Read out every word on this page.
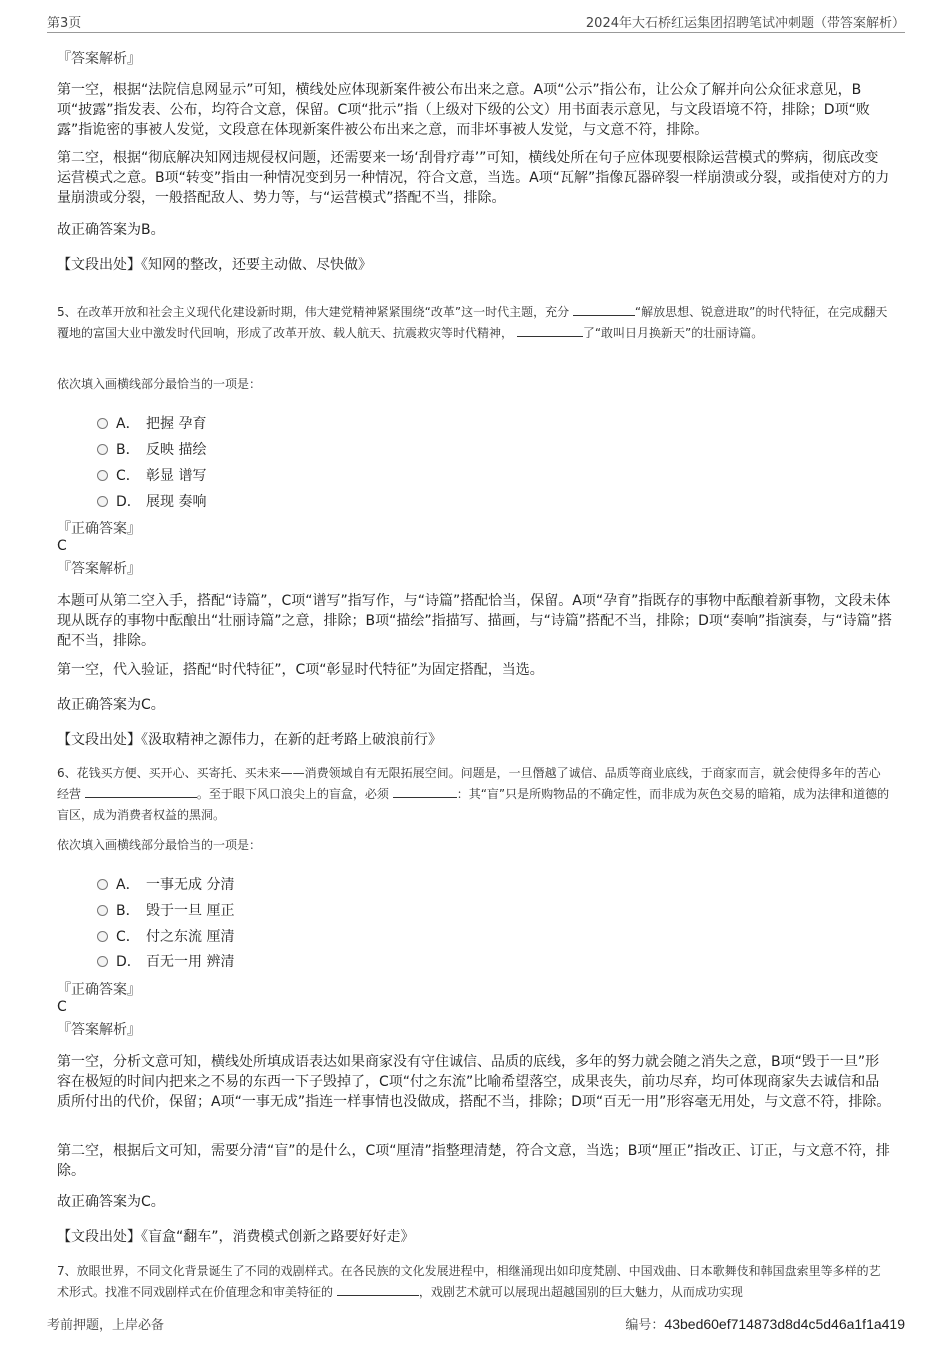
第3页	2024年大石桥红运集团招聘笔试冲刺题（带答案解析）
『答案解析』

第一空，根据“法院信息网显示”可知，横线处应体现新案件被公布出来之意。A项“公示”指公布，让公众了解并向公众征求意见，B项“披露”指发表、公布，均符合文意，保留。C项“批示”指（上级对下级的公文）用书面表示意见，与文段语境不符，排除；D项“败露”指诡密的事被人发觉，文段意在体现新案件被公布出来之意，而非坏事被人发觉，与文意不符，排除。

第二空，根据“彻底解决知网违规侵权问题，还需要来一场‘刮骨疗毒’”可知，横线处所在句子应体现要根除运营模式的弊病，彻底改变运营模式之意。B项“转变”指由一种情况变到另一种情况，符合文意，当选。A项“瓦解”指像瓦器碎裂一样崩溃或分裂，或指使对方的力量崩溃或分裂，一般搭配敌人、势力等，与“运营模式”搭配不当，排除。

故正确答案为B。
【文段出处】《知网的整改，还要主动做、尽快做》

5、在改革开放和社会主义现代化建设新时期，伟大建党精神紧紧围绕“改革”这一时代主题，充分	“解放思想、锐意进取”的时代特征，在完成翻天覆地的富国大业中激发时代回响，形成了改革开放、载人航天、抗震救灾等时代精神，	了“敢叫日月换新天”的壮丽诗篇。

依次填入画横线部分最恰当的一项是：
A． 把握 孕育
B． 反映 描绘
C． 彰显 谱写
D． 展现 奏响
『正确答案』
C
『答案解析』

本题可从第二空入手，搭配“诗篇”，C项“谱写”指写作，与“诗篇”搭配恰当，保留。A项“孕育”指既存的事物中酝酿着新事物，文段未体现从既存的事物中酝酿出“壮丽诗篇”之意，排除；B项“描绘”指描写、描画，与“诗篇”搭配不当，排除；D项“奏响”指演奏，与“诗篇”搭配不当，排除。

第一空，代入验证，搭配“时代特征”，C项“彰显时代特征”为固定搭配，当选。
故正确答案为C。
【文段出处】《汲取精神之源伟力，在新的赶考路上破浪前行》

6、花钱买方便、买开心、买寄托、买未来——消费领域自有无限拓展空间。问题是，一旦僭越了诚信、品质等商业底线，于商家而言，就会使得多年的苦心经营	。至于眼下风口浪尖上的盲盒，必须	：其“盲”只是所购物品的不确定性，而非成为灰色交易的暗箱，成为法律和道德的盲区，成为消费者权益的黑洞。

依次填入画横线部分最恰当的一项是：
A． 一事无成 分清
B． 毁于一旦 厘正
C． 付之东流 厘清
D． 百无一用 辨清
『正确答案』
C
『答案解析』

第一空，分析文意可知，横线处所填成语表达如果商家没有守住诚信、品质的底线，多年的努力就会随之消失之意，B项“毁于一旦”形容在极短的时间内把来之不易的东西一下子毁掉了，C项“付之东流”比喻希望落空，成果丧失，前功尽弃，均可体现商家失去诚信和品质所付出的代价，保留；A项“一事无成”指连一样事情也没做成，搭配不当，排除；D项“百无一用”形容毫无用处，与文意不符，排除。

第二空，根据后文可知，需要分清“盲”的是什么，C项“厘清”指整理清楚，符合文意，当选；B项“厘正”指改正、订正，与文意不符，排除。

故正确答案为C。
【文段出处】《盲盒“翻车”，消费模式创新之路要好好走》

7、放眼世界，不同文化背景诞生了不同的戏剧样式。在各民族的文化发展进程中，相继涌现出如印度梵剧、中国戏曲、日本歌舞伎和韩国盘索里等多样的艺术形式。找准不同戏剧样式在价值理念和审美特征的	，戏剧艺术就可以展现出超越国别的巨大魅力，从而成功实现

考前押题，上岸必备	编号：43bed60ef714873d8d4c5d46a1f1a419
